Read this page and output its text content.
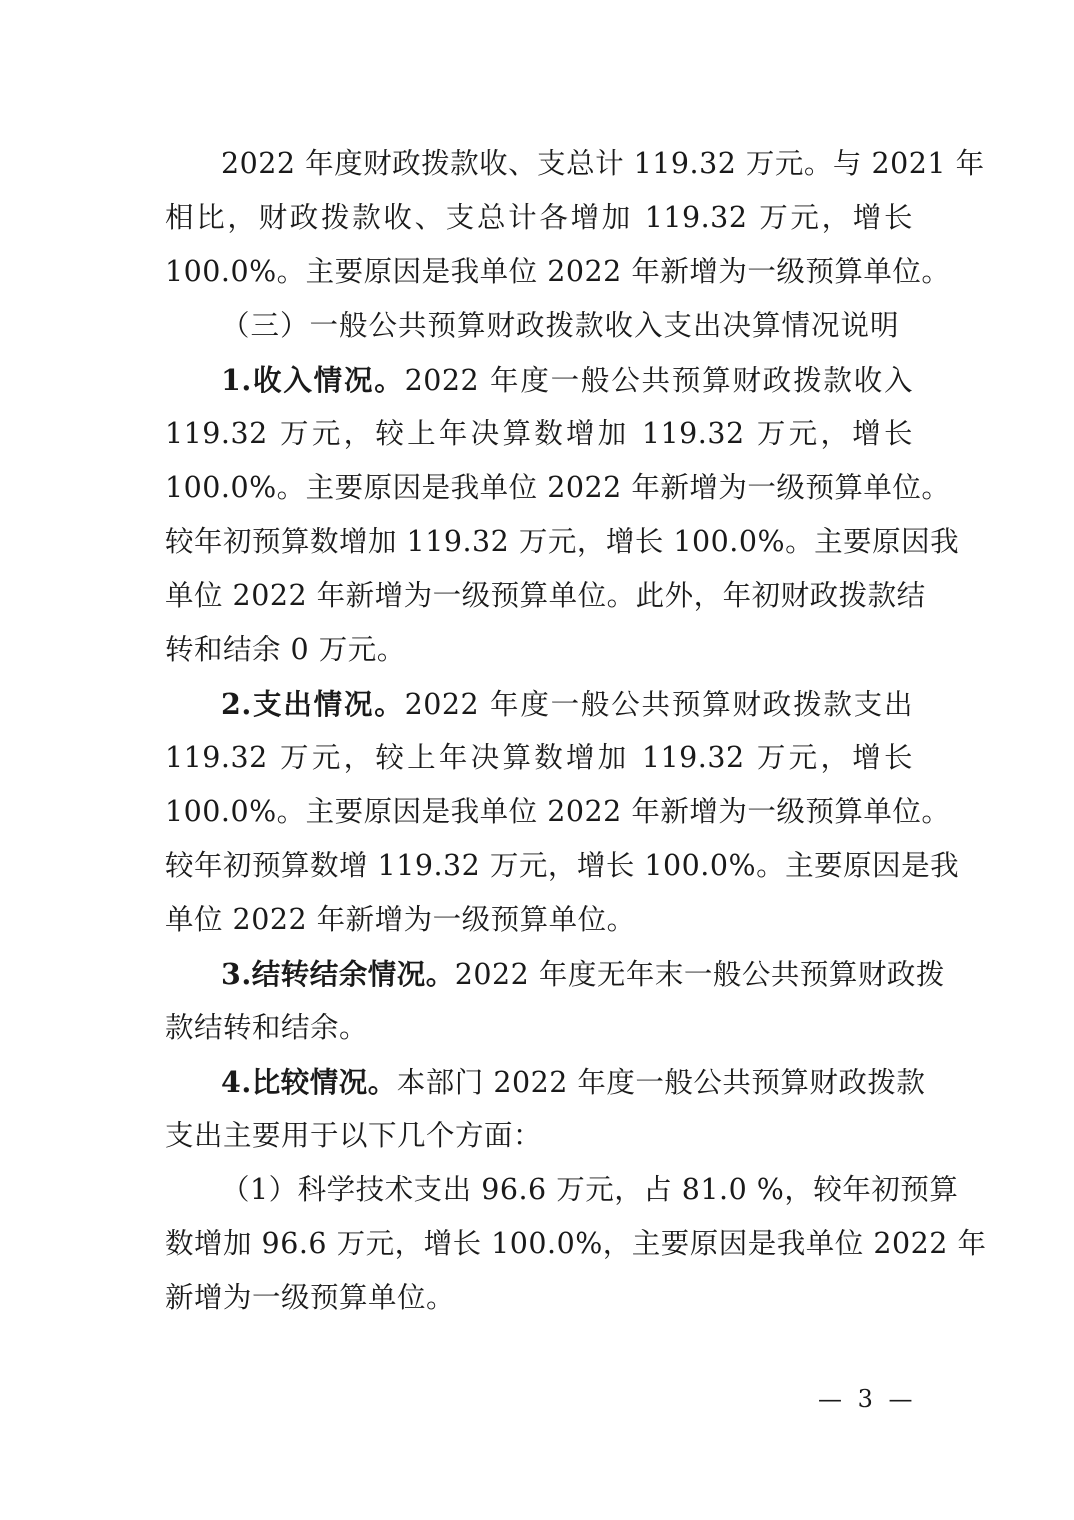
2022 年度财政拨款收、支总计 119.32 万元。与 2021 年
相比，财政拨款收、支总计各增加 119.32 万元，增长
100.0%。主要原因是我单位 2022 年新增为一级预算单位。
（三）一般公共预算财政拨款收入支出决算情况说明
1.收入情况。2022 年度一般公共预算财政拨款收入
119.32 万元，较上年决算数增加 119.32 万元，增长
100.0%。主要原因是我单位 2022 年新增为一级预算单位。
较年初预算数增加 119.32 万元，增长 100.0%。主要原因我
单位 2022 年新增为一级预算单位。此外，年初财政拨款结
转和结余 0 万元。
2.支出情况。2022 年度一般公共预算财政拨款支出
119.32 万元，较上年决算数增加 119.32 万元，增长
100.0%。主要原因是我单位 2022 年新增为一级预算单位。
较年初预算数增 119.32 万元，增长 100.0%。主要原因是我
单位 2022 年新增为一级预算单位。
3.结转结余情况。2022 年度无年末一般公共预算财政拨
款结转和结余。
4.比较情况。本部门 2022 年度一般公共预算财政拨款
支出主要用于以下几个方面：
（1）科学技术支出 96.6 万元，占 81.0 %，较年初预算
数增加 96.6 万元，增长 100.0%，主要原因是我单位 2022 年
新增为一级预算单位。
— 3 —
